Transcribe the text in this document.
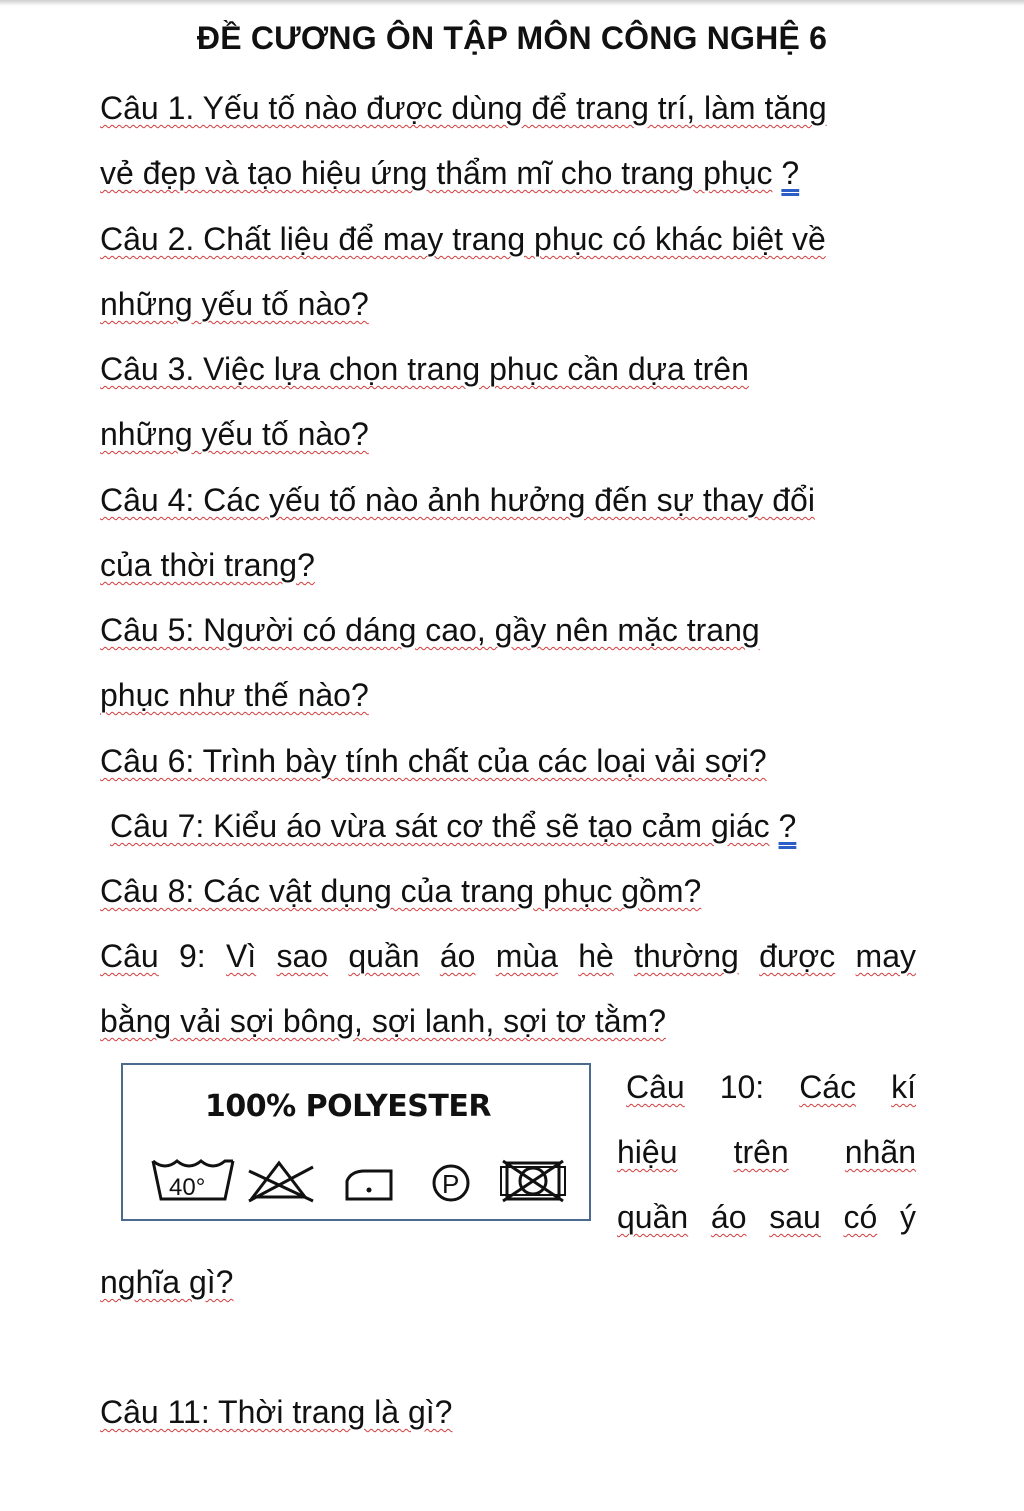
ĐỀ CƯƠNG ÔN TẬP MÔN CÔNG NGHỆ 6
Câu 1. Yếu tố nào được dùng để trang trí, làm tăng
vẻ đẹp và tạo hiệu ứng thẩm mĩ cho trang phục ?
Câu 2. Chất liệu để may trang phục có khác biệt về
những yếu tố nào?
Câu 3. Việc lựa chọn trang phục cần dựa trên
những yếu tố nào?
Câu 4: Các yếu tố nào ảnh hưởng đến sự thay đổi
của thời trang?
Câu 5: Người có dáng cao, gầy nên mặc trang
phục như thế nào?
Câu 6: Trình bày tính chất của các loại vải sợi?
Câu 7: Kiểu áo vừa sát cơ thể sẽ tạo cảm giác ?
Câu 8: Các vật dụng của trang phục gồm?
Câu 9: Vì sao quần áo mùa hè thường được may
bằng vải sợi bông, sợi lanh, sợi tơ tằm?
100% POLYESTER
40°	P
Câu 10: Các kí
hiệu trên nhãn
quần áo sau có ý
nghĩa gì?
Câu 11: Thời trang là gì?
